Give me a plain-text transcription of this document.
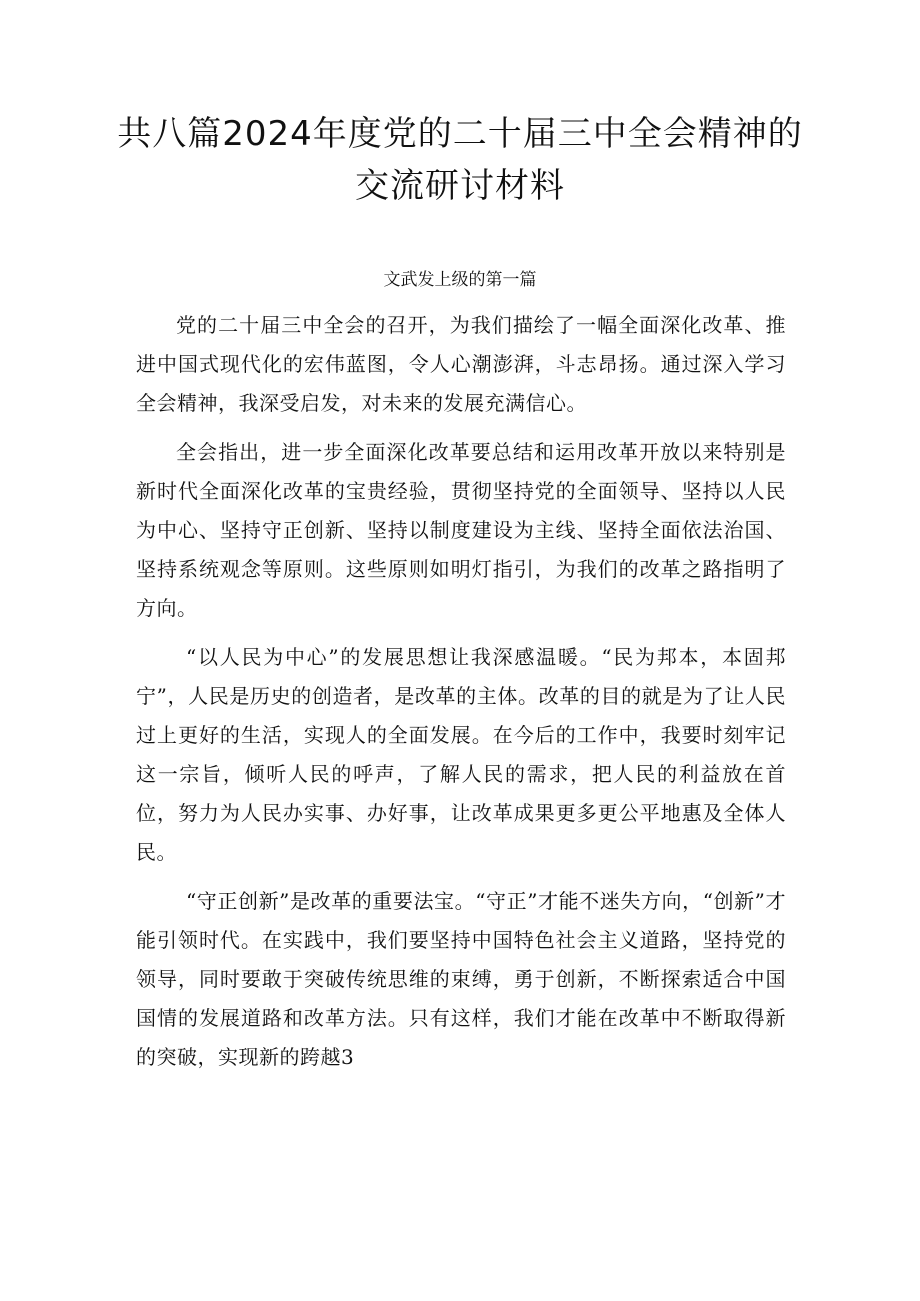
共八篇2024年度党的二十届三中全会精神的交流研讨材料
文武发上级的第一篇

党的二十届三中全会的召开，为我们描绘了一幅全面深化改革、推进中国式现代化的宏伟蓝图，令人心潮澎湃，斗志昂扬。通过深入学习全会精神，我深受启发，对未来的发展充满信心。

全会指出，进一步全面深化改革要总结和运用改革开放以来特别是新时代全面深化改革的宝贵经验，贯彻坚持党的全面领导、坚持以人民为中心、坚持守正创新、坚持以制度建设为主线、坚持全面依法治国、坚持系统观念等原则。这些原则如明灯指引，为我们的改革之路指明了方向。

“以人民为中心”的发展思想让我深感温暖。“民为邦本，本固邦宁”，人民是历史的创造者，是改革的主体。改革的目的就是为了让人民过上更好的生活，实现人的全面发展。在今后的工作中，我要时刻牢记这一宗旨，倾听人民的呼声，了解人民的需求，把人民的利益放在首位，努力为人民办实事、办好事，让改革成果更多更公平地惠及全体人民。

“守正创新”是改革的重要法宝。“守正”才能不迷失方向，“创新”才能引领时代。在实践中，我们要坚持中国特色社会主义道路，坚持党的领导，同时要敢于突破传统思维的束缚，勇于创新，不断探索适合中国国情的发展道路和改革方法。只有这样，我们才能在改革中不断取得新的突破，实现新的跨越3
